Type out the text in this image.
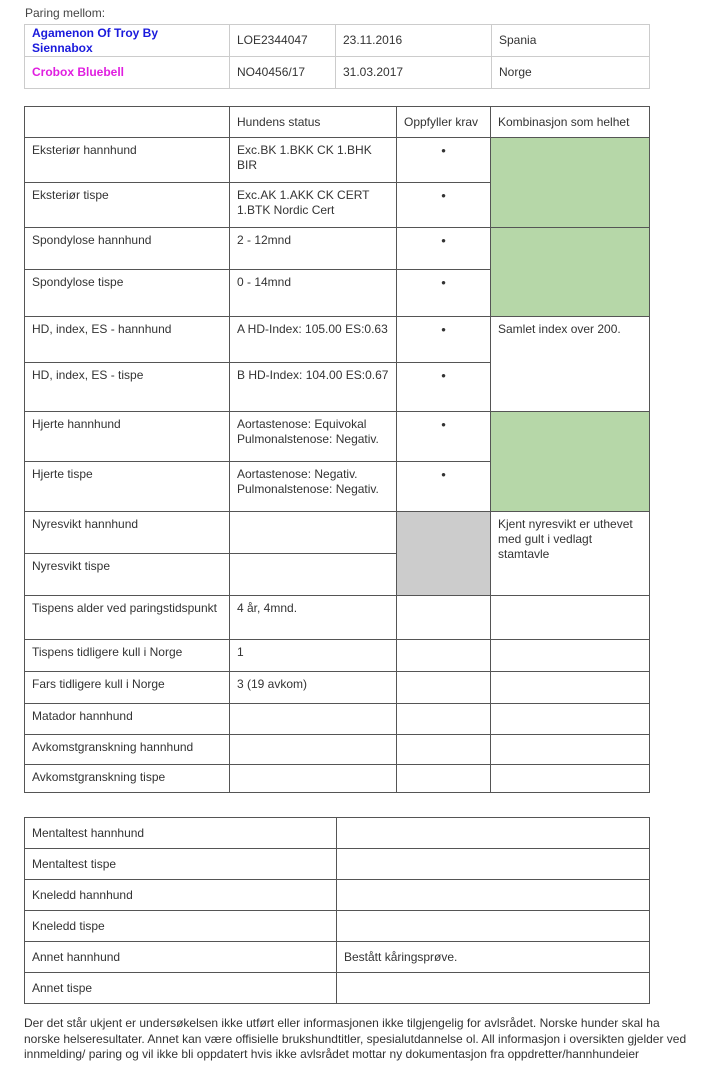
Paring mellom:
Agamenon Of Troy By Siennabox	LOE2344047	23.11.2016	Spania
Crobox Bluebell	NO40456/17	31.03.2017	Norge
	Hundens status	Oppfyller krav	Kombinasjon som helhet
Eksteriør hannhund	Exc.BK 1.BKK CK 1.BHK BIR	•	
Eksteriør tispe	Exc.AK 1.AKK CK CERT 1.BTK Nordic Cert	•	
Spondylose hannhund	2 - 12mnd	•	
Spondylose tispe	0 - 14mnd	•	
HD, index, ES - hannhund	A HD-Index: 105.00 ES:0.63	•	Samlet index over 200.
HD, index, ES - tispe	B HD-Index: 104.00 ES:0.67	•	
Hjerte hannhund	Aortastenose: Equivokal Pulmonalstenose: Negativ.	•	
Hjerte tispe	Aortastenose: Negativ. Pulmonalstenose: Negativ.	•	
Nyresvikt hannhund			Kjent nyresvikt er uthevet med gult i vedlagt stamtavle
Nyresvikt tispe			
Tispens alder ved paringstidspunkt	4 år, 4mnd.		
Tispens tidligere kull i Norge	1		
Fars tidligere kull i Norge	3 (19 avkom)		
Matador hannhund			
Avkomstgranskning hannhund			
Avkomstgranskning tispe			
Mentaltest hannhund	
Mentaltest tispe	
Kneledd hannhund	
Kneledd tispe	
Annet hannhund	Bestått kåringsprøve.
Annet tispe	
Der det står ukjent er undersøkelsen ikke utført eller informasjonen ikke tilgjengelig for avlsrådet. Norske hunder skal ha norske helseresultater. Annet kan være offisielle brukshundtitler, spesialutdannelse ol. All informasjon i oversikten gjelder ved innmelding/ paring og vil ikke bli oppdatert hvis ikke avlsrådet mottar ny dokumentasjon fra oppdretter/hannhundeier
